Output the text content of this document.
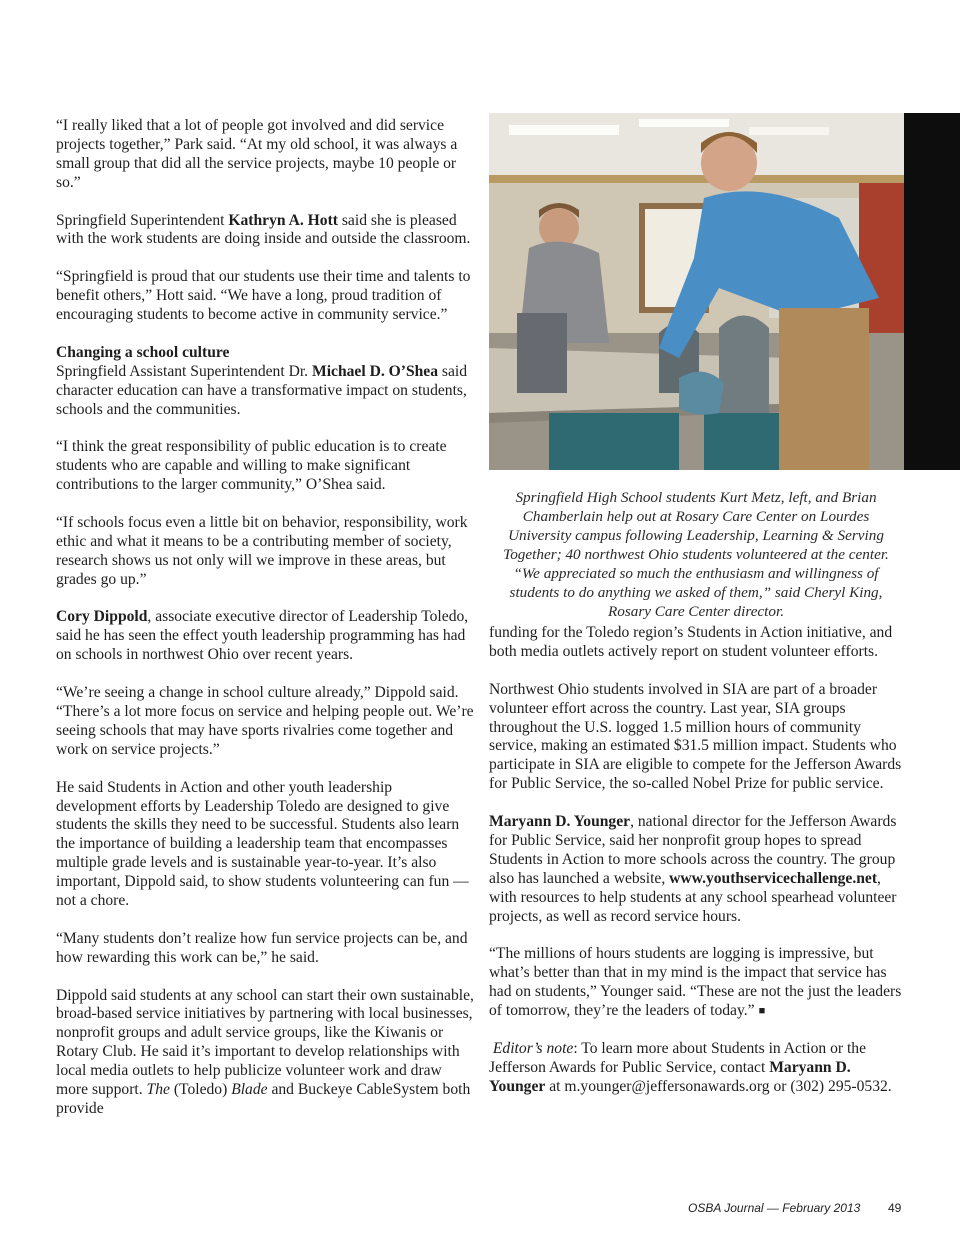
“I really liked that a lot of people got involved and did service projects together,” Park said. “At my old school, it was always a small group that did all the service projects, maybe 10 people or so.”

Springfield Superintendent Kathryn A. Hott said she is pleased with the work students are doing inside and outside the classroom.

“Springfield is proud that our students use their time and talents to benefit others,” Hott said. “We have a long, proud tradition of encouraging students to become active in community service.”

Changing a school culture
Springfield Assistant Superintendent Dr. Michael D. O’Shea said character education can have a transformative impact on students, schools and the communities.

“I think the great responsibility of public education is to create students who are capable and willing to make significant contributions to the larger community,” O’Shea said.

“If schools focus even a little bit on behavior, responsibility, work ethic and what it means to be a contributing member of society, research shows us not only will we improve in these areas, but grades go up.”

Cory Dippold, associate executive director of Leadership Toledo, said he has seen the effect youth leadership programming has had on schools in northwest Ohio over recent years.

“We’re seeing a change in school culture already,” Dippold said. “There’s a lot more focus on service and helping people out. We’re seeing schools that may have sports rivalries come together and work on service projects.”

He said Students in Action and other youth leadership development efforts by Leadership Toledo are designed to give students the skills they need to be successful. Students also learn the importance of building a leadership team that encompasses multiple grade levels and is sustainable year-to-year. It’s also important, Dippold said, to show students volunteering can fun — not a chore.

“Many students don’t realize how fun service projects can be, and how rewarding this work can be,” he said.

Dippold said students at any school can start their own sustainable, broad-based service initiatives by partnering with local businesses, nonprofit groups and adult service groups, like the Kiwanis or Rotary Club. He said it’s important to develop relationships with local media outlets to help publicize volunteer work and draw more support. The (Toledo) Blade and Buckeye CableSystem both provide

Springfield High School students Kurt Metz, left, and Brian Chamberlain help out at Rosary Care Center on Lourdes University campus following Leadership, Learning & Serving Together; 40 northwest Ohio students volunteered at the center. “We appreciated so much the enthusiasm and willingness of students to do anything we asked of them,” said Cheryl King, Rosary Care Center director.

funding for the Toledo region’s Students in Action initiative, and both media outlets actively report on student volunteer efforts.

Northwest Ohio students involved in SIA are part of a broader volunteer effort across the country. Last year, SIA groups throughout the U.S. logged 1.5 million hours of community service, making an estimated $31.5 million impact. Students who participate in SIA are eligible to compete for the Jefferson Awards for Public Service, the so-called Nobel Prize for public service.

Maryann D. Younger, national director for the Jefferson Awards for Public Service, said her nonprofit group hopes to spread Students in Action to more schools across the country. The group also has launched a website, www.youthservicechallenge.net, with resources to help students at any school spearhead volunteer projects, as well as record service hours.

“The millions of hours students are logging is impressive, but what’s better than that in my mind is the impact that service has had on students,” Younger said. “These are not the just the leaders of tomorrow, they’re the leaders of today.” ■

Editor’s note: To learn more about Students in Action or the Jefferson Awards for Public Service, contact Maryann D. Younger at m.younger@jeffersonawards.org or (302) 295-0532.

OSBA Journal — February 2013 49
